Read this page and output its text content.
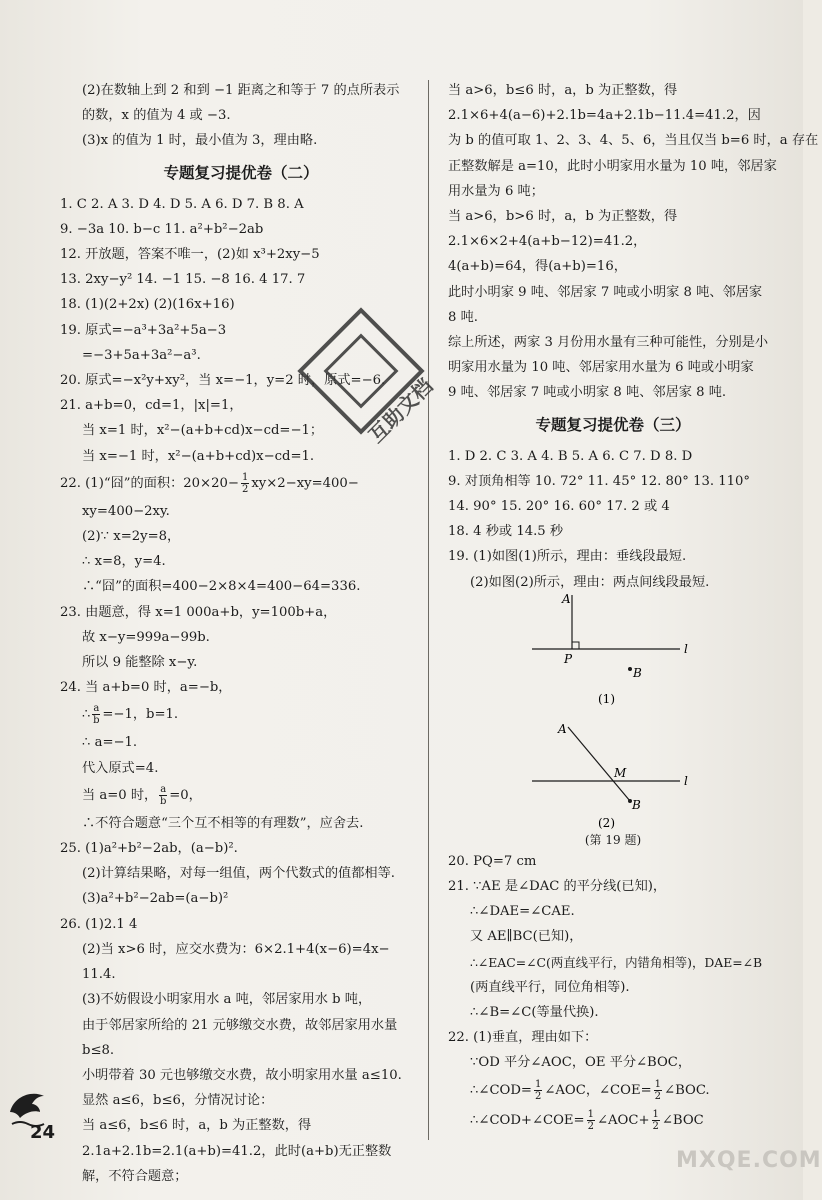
(2)在数轴上到 2 和到 −1 距离之和等于 7 的点所表示
的数，x 的值为 4 或 −3.
(3)x 的值为 1 时，最小值为 3，理由略.
专题复习提优卷（二）
1. C 2. A 3. D 4. D 5. A 6. D 7. B 8. A
9. −3a 10. b−c 11. a²+b²−2ab
12. 开放题，答案不唯一，(2)如 x³+2xy−5
13. 2xy−y² 14. −1 15. −8 16. 4 17. 7
18. (1)(2+2x) (2)(16x+16)
19. 原式=−a³+3a²+5a−3
=−3+5a+3a²−a³.
20. 原式=−x²y+xy²，当 x=−1，y=2 时，原式=−6.
21. a+b=0，cd=1，|x|=1，
当 x=1 时，x²−(a+b+cd)x−cd=−1；
当 x=−1 时，x²−(a+b+cd)x−cd=1.
22. (1)“囧”的面积：$20\times 20- \frac{1}{2} xy\times 2-xy=400-$
xy=400−2xy.
(2)∵ x=2y=8，
∴ x=8，y=4.
∴“囧”的面积=400−2×8×4=400−64=336.
23. 由题意，得 x=1 000a+b，y=100b+a，
故 x−y=999a−99b.
所以 9 能整除 x−y.
24. 当 a+b=0 时，a=−b，
∴ $\frac{a}{b} =-1$，b=1.
∴ a=−1.
代入原式=4.
当 a=0 时， $\frac{a}{b} =0$，
∴不符合题意“三个互不相等的有理数”，应舍去.
25. (1)a²+b²−2ab，(a−b)².
(2)计算结果略，对每一组值，两个代数式的值都相等.
(3)a²+b²−2ab=(a−b)²
26. (1)2.1 4
(2)当 x>6 时，应交水费为：6×2.1+4(x−6)=4x−
11.4.
(3)不妨假设小明家用水 a 吨，邻居家用水 b 吨，
由于邻居家所给的 21 元够缴交水费，故邻居家用水量
b≤8.
小明带着 30 元也够缴交水费，故小明家用水量 a≤10.
显然 a≤6，b≤6，分情况讨论：
当 a≤6，b≤6 时，a，b 为正整数，得
2.1a+2.1b=2.1(a+b)=41.2，此时(a+b)无正整数
解，不符合题意；
当 a>6，b≤6 时，a，b 为正整数，得
2.1×6+4(a−6)+2.1b=4a+2.1b−11.4=41.2，因
为 b 的值可取 1、2、3、4、5、6，当且仅当 b=6 时，a 存在
正整数解是 a=10，此时小明家用水量为 10 吨，邻居家
用水量为 6 吨；
当 a>6，b>6 时，a，b 为正整数，得
2.1×6×2+4(a+b−12)=41.2，
4(a+b)=64，得(a+b)=16，
此时小明家 9 吨、邻居家 7 吨或小明家 8 吨、邻居家
8 吨.
综上所述，两家 3 月份用水量有三种可能性，分别是小
明家用水量为 10 吨、邻居家用水量为 6 吨或小明家
9 吨、邻居家 7 吨或小明家 8 吨、邻居家 8 吨.
专题复习提优卷（三）
1. D 2. C 3. A 4. B 5. A 6. C 7. D 8. D
9. 对顶角相等 10. 72° 11. 45° 12. 80° 13. 110°
14. 90° 15. 20° 16. 60° 17. 2 或 4
18. 4 秒或 14.5 秒
19. (1)如图(1)所示，理由：垂线段最短.
(2)如图(2)所示，理由：两点间线段最短.
A
P
B
l
(1)
A
M
B
l
(2)
(第 19 题)
20. PQ=7 cm
21. ∵AE 是∠DAC 的平分线(已知)，
∴∠DAE=∠CAE.
又 AE∥BC(已知)，
∴∠EAC=∠C(两直线平行，内错角相等)，DAE=∠B
(两直线平行，同位角相等).
∴∠B=∠C(等量代换).
22. (1)垂直，理由如下：
∵OD 平分∠AOC，OE 平分∠BOC，
∴∠COD= $\frac{1}{2}$ ∠AOC，∠COE= $\frac{1}{2}$ ∠BOC.
∴∠COD+∠COE= $\frac{1}{2}$ ∠AOC+ $\frac{1}{2}$ ∠BOC
互助文档
24
MXQE.COM
